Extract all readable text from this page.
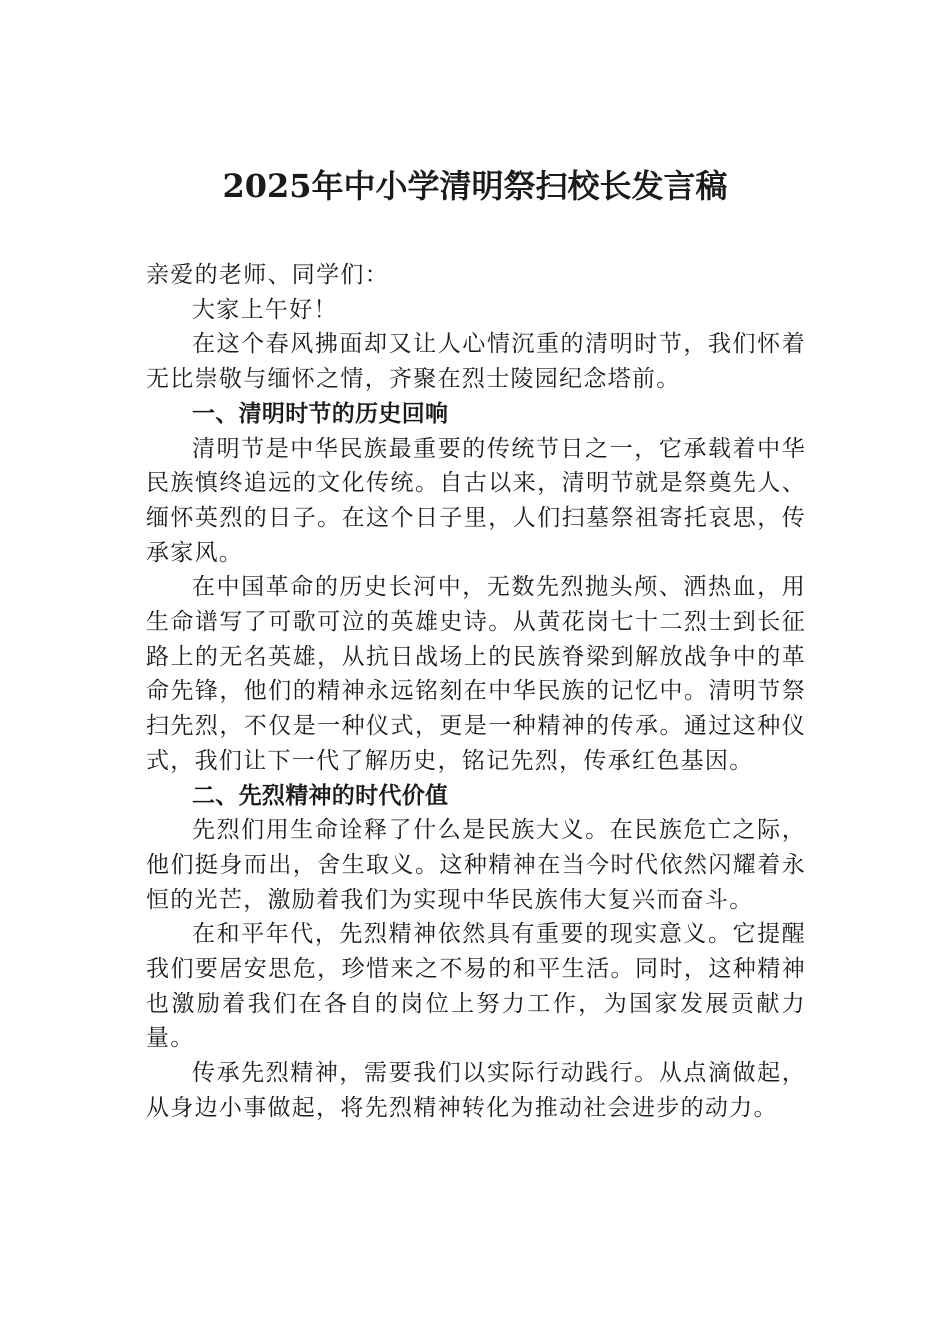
2025年中小学清明祭扫校长发言稿

亲爱的老师、同学们：

大家上午好！

在这个春风拂面却又让人心情沉重的清明时节，我们怀着无比崇敬与缅怀之情，齐聚在烈士陵园纪念塔前。

一、清明时节的历史回响

清明节是中华民族最重要的传统节日之一，它承载着中华民族慎终追远的文化传统。自古以来，清明节就是祭奠先人、缅怀英烈的日子。在这个日子里，人们扫墓祭祖寄托哀思，传承家风。

在中国革命的历史长河中，无数先烈抛头颅、洒热血，用生命谱写了可歌可泣的英雄史诗。从黄花岗七十二烈士到长征路上的无名英雄，从抗日战场上的民族脊梁到解放战争中的革命先锋，他们的精神永远铭刻在中华民族的记忆中。清明节祭扫先烈，不仅是一种仪式，更是一种精神的传承。通过这种仪式，我们让下一代了解历史，铭记先烈，传承红色基因。

二、先烈精神的时代价值

先烈们用生命诠释了什么是民族大义。在民族危亡之际，他们挺身而出，舍生取义。这种精神在当今时代依然闪耀着永恒的光芒，激励着我们为实现中华民族伟大复兴而奋斗。

在和平年代，先烈精神依然具有重要的现实意义。它提醒我们要居安思危，珍惜来之不易的和平生活。同时，这种精神也激励着我们在各自的岗位上努力工作，为国家发展贡献力量。

传承先烈精神，需要我们以实际行动践行。从点滴做起，从身边小事做起，将先烈精神转化为推动社会进步的动力。
